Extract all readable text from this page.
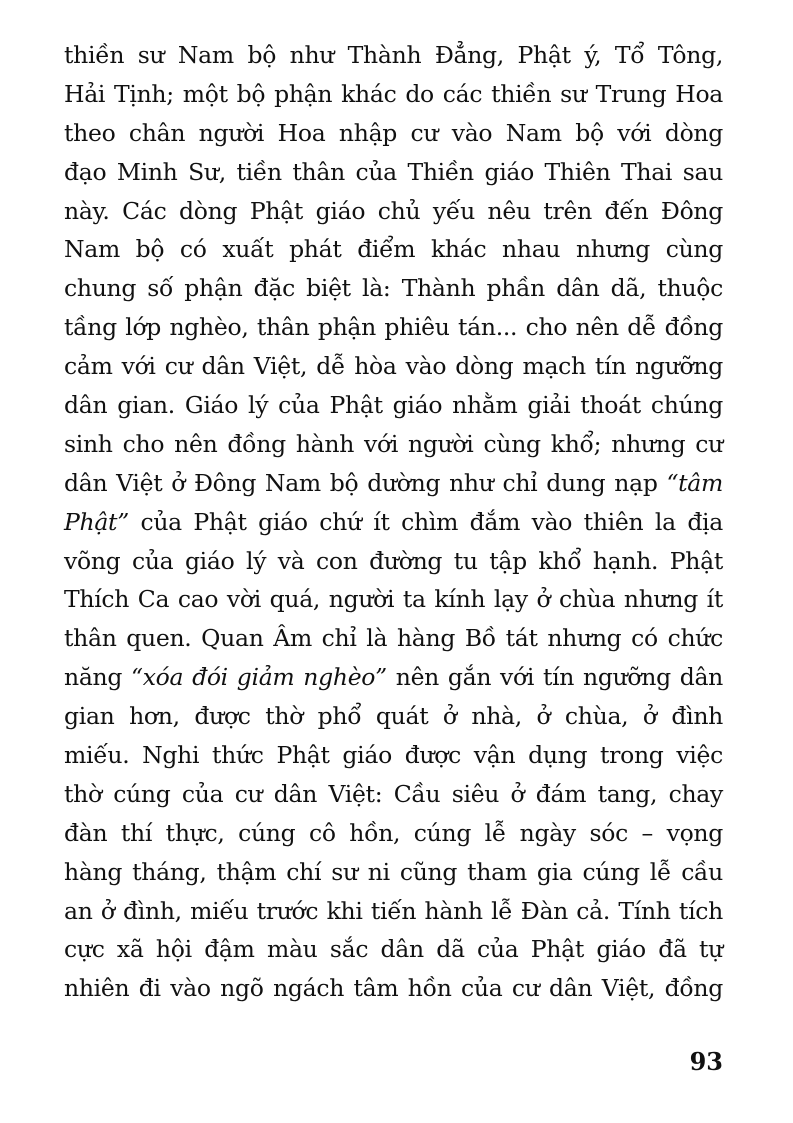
thiền sư Nam bộ như Thành Đẳng, Phật ý, Tổ Tông,
Hải Tịnh; một bộ phận khác do các thiền sư Trung Hoa
theo chân người Hoa nhập cư vào Nam bộ với dòng
đạo Minh Sư, tiền thân của Thiền giáo Thiên Thai sau
này. Các dòng Phật giáo chủ yếu nêu trên đến Đông
Nam bộ có xuất phát điểm khác nhau nhưng cùng
chung số phận đặc biệt là: Thành phần dân dã, thuộc
tầng lớp nghèo, thân phận phiêu tán... cho nên dễ đồng
cảm với cư dân Việt, dễ hòa vào dòng mạch tín ngưỡng
dân gian. Giáo lý của Phật giáo nhằm giải thoát chúng
sinh cho nên đồng hành với người cùng khổ; nhưng cư
dân Việt ở Đông Nam bộ dường như chỉ dung nạp “tâm
Phật” của Phật giáo chứ ít chìm đắm vào thiên la địa
võng của giáo lý và con đường tu tập khổ hạnh. Phật
Thích Ca cao vời quá, người ta kính lạy ở chùa nhưng ít
thân quen. Quan Âm chỉ là hàng Bồ tát nhưng có chức
năng “xóa đói giảm nghèo” nên gắn với tín ngưỡng dân
gian hơn, được thờ phổ quát ở nhà, ở chùa, ở đình
miếu. Nghi thức Phật giáo được vận dụng trong việc
thờ cúng của cư dân Việt: Cầu siêu ở đám tang, chay
đàn thí thực, cúng cô hồn, cúng lễ ngày sóc – vọng
hàng tháng, thậm chí sư ni cũng tham gia cúng lễ cầu
an ở đình, miếu trước khi tiến hành lễ Đàn cả. Tính tích
cực xã hội đậm màu sắc dân dã của Phật giáo đã tự
nhiên đi vào ngõ ngách tâm hồn của cư dân Việt, đồng
93
